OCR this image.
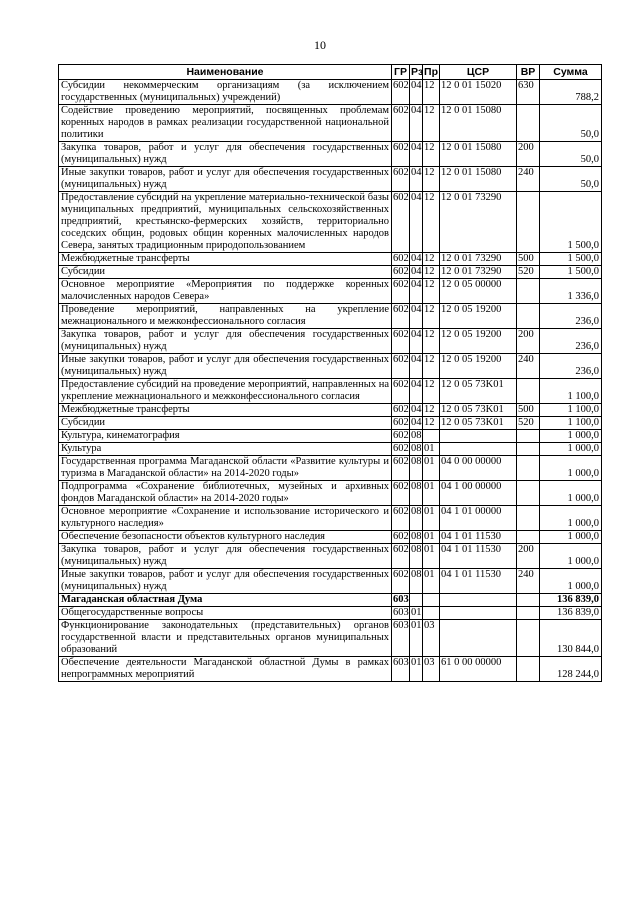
10
Наименование	ГР	Рз	Пр	ЦСР	ВР	Сумма
Субсидии некоммерческим организациям (за исключением государственных (муниципальных) учреждений)	602	04	12	12 0 01 15020	630	788,2
Содействие проведению мероприятий, посвященных проблемам коренных народов в рамках реализации государственной национальной политики	602	04	12	12 0 01 15080		50,0
Закупка товаров, работ и услуг для обеспечения государственных (муниципальных) нужд	602	04	12	12 0 01 15080	200	50,0
Иные закупки товаров, работ и услуг для обеспечения государственных (муниципальных) нужд	602	04	12	12 0 01 15080	240	50,0
Предоставление субсидий на укрепление материально-технической базы муниципальных предприятий, муниципальных сельскохозяйственных предприятий, крестьянско-фермерских хозяйств, территориально соседских общин, родовых общин коренных малочисленных народов Севера, занятых традиционным природопользованием	602	04	12	12 0 01 73290		1 500,0
Межбюджетные трансферты	602	04	12	12 0 01 73290	500	1 500,0
Субсидии	602	04	12	12 0 01 73290	520	1 500,0
Основное мероприятие «Мероприятия по поддержке коренных малочисленных народов Севера»	602	04	12	12 0 05 00000		1 336,0
Проведение мероприятий, направленных на укрепление межнационального и межконфессионального согласия	602	04	12	12 0 05 19200		236,0
Закупка товаров, работ и услуг для обеспечения государственных (муниципальных) нужд	602	04	12	12 0 05 19200	200	236,0
Иные закупки товаров, работ и услуг для обеспечения государственных (муниципальных) нужд	602	04	12	12 0 05 19200	240	236,0
Предоставление субсидий на проведение мероприятий, направленных на укрепление межнационального и межконфессионального согласия	602	04	12	12 0 05 73K01		1 100,0
Межбюджетные трансферты	602	04	12	12 0 05 73K01	500	1 100,0
Субсидии	602	04	12	12 0 05 73K01	520	1 100,0
Культура, кинематография	602	08				1 000,0
Культура	602	08	01			1 000,0
Государственная программа Магаданской области «Развитие культуры и туризма в Магаданской области» на 2014-2020 годы»	602	08	01	04 0 00 00000		1 000,0
Подпрограмма «Сохранение библиотечных, музейных и архивных фондов Магаданской области» на 2014-2020 годы»	602	08	01	04 1 00 00000		1 000,0
Основное мероприятие «Сохранение и использование исторического и культурного наследия»	602	08	01	04 1 01 00000		1 000,0
Обеспечение безопасности объектов культурного наследия	602	08	01	04 1 01 11530		1 000,0
Закупка товаров, работ и услуг для обеспечения государственных (муниципальных) нужд	602	08	01	04 1 01 11530	200	1 000,0
Иные закупки товаров, работ и услуг для обеспечения государственных (муниципальных) нужд	602	08	01	04 1 01 11530	240	1 000,0
Магаданская областная Дума	603					136 839,0
Общегосударственные вопросы	603	01				136 839,0
Функционирование законодательных (представительных) органов государственной власти и представительных органов муниципальных образований	603	01	03			130 844,0
Обеспечение деятельности Магаданской областной Думы в рамках непрограммных мероприятий	603	01	03	61 0 00 00000		128 244,0
